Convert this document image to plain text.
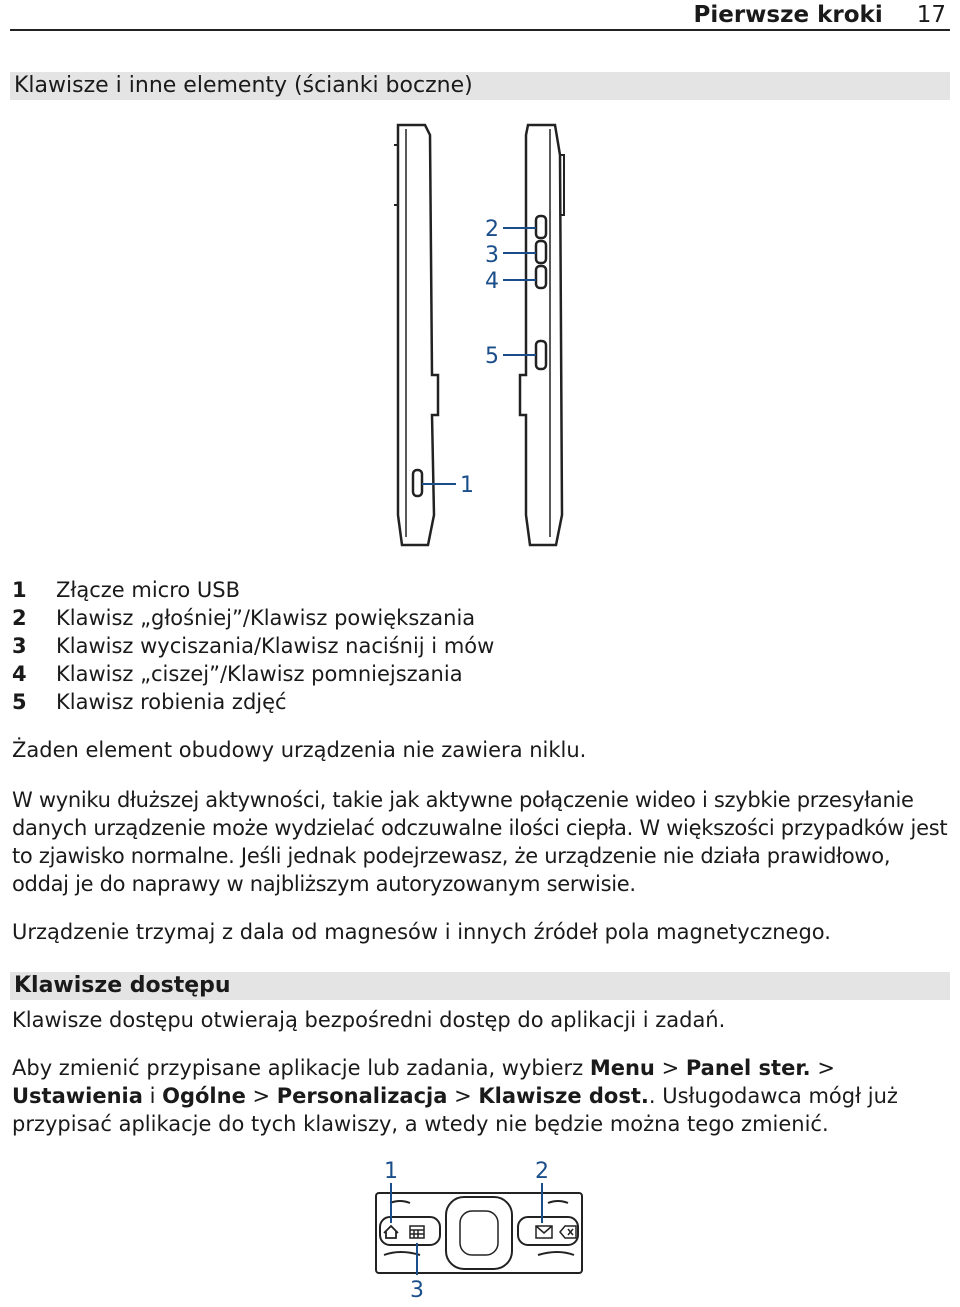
Pierwsze kroki 17
Klawisze i inne elementy (ścianki boczne)
1
2
3
4
5
1	Złącze micro USB
2	Klawisz „głośniej”/Klawisz powiększania
3	Klawisz wyciszania/Klawisz naciśnij i mów
4	Klawisz „ciszej”/Klawisz pomniejszania
5	Klawisz robienia zdjęć

Żaden element obudowy urządzenia nie zawiera niklu.

W wyniku dłuższej aktywności, takie jak aktywne połączenie wideo i szybkie przesyłanie danych urządzenie może wydzielać odczuwalne ilości ciepła. W większości przypadków jest to zjawisko normalne. Jeśli jednak podejrzewasz, że urządzenie nie działa prawidłowo, oddaj je do naprawy w najbliższym autoryzowanym serwisie.

Urządzenie trzymaj z dala od magnesów i innych źródeł pola magnetycznego.

Klawisze dostępu

Klawisze dostępu otwierają bezpośredni dostęp do aplikacji i zadań.

Aby zmienić przypisane aplikacje lub zadania, wybierz Menu > Panel ster. > Ustawienia i Ogólne > Personalizacja > Klawisze dost.. Usługodawca mógł już przypisać aplikacje do tych klawiszy, a wtedy nie będzie można tego zmienić.

1	2
3
